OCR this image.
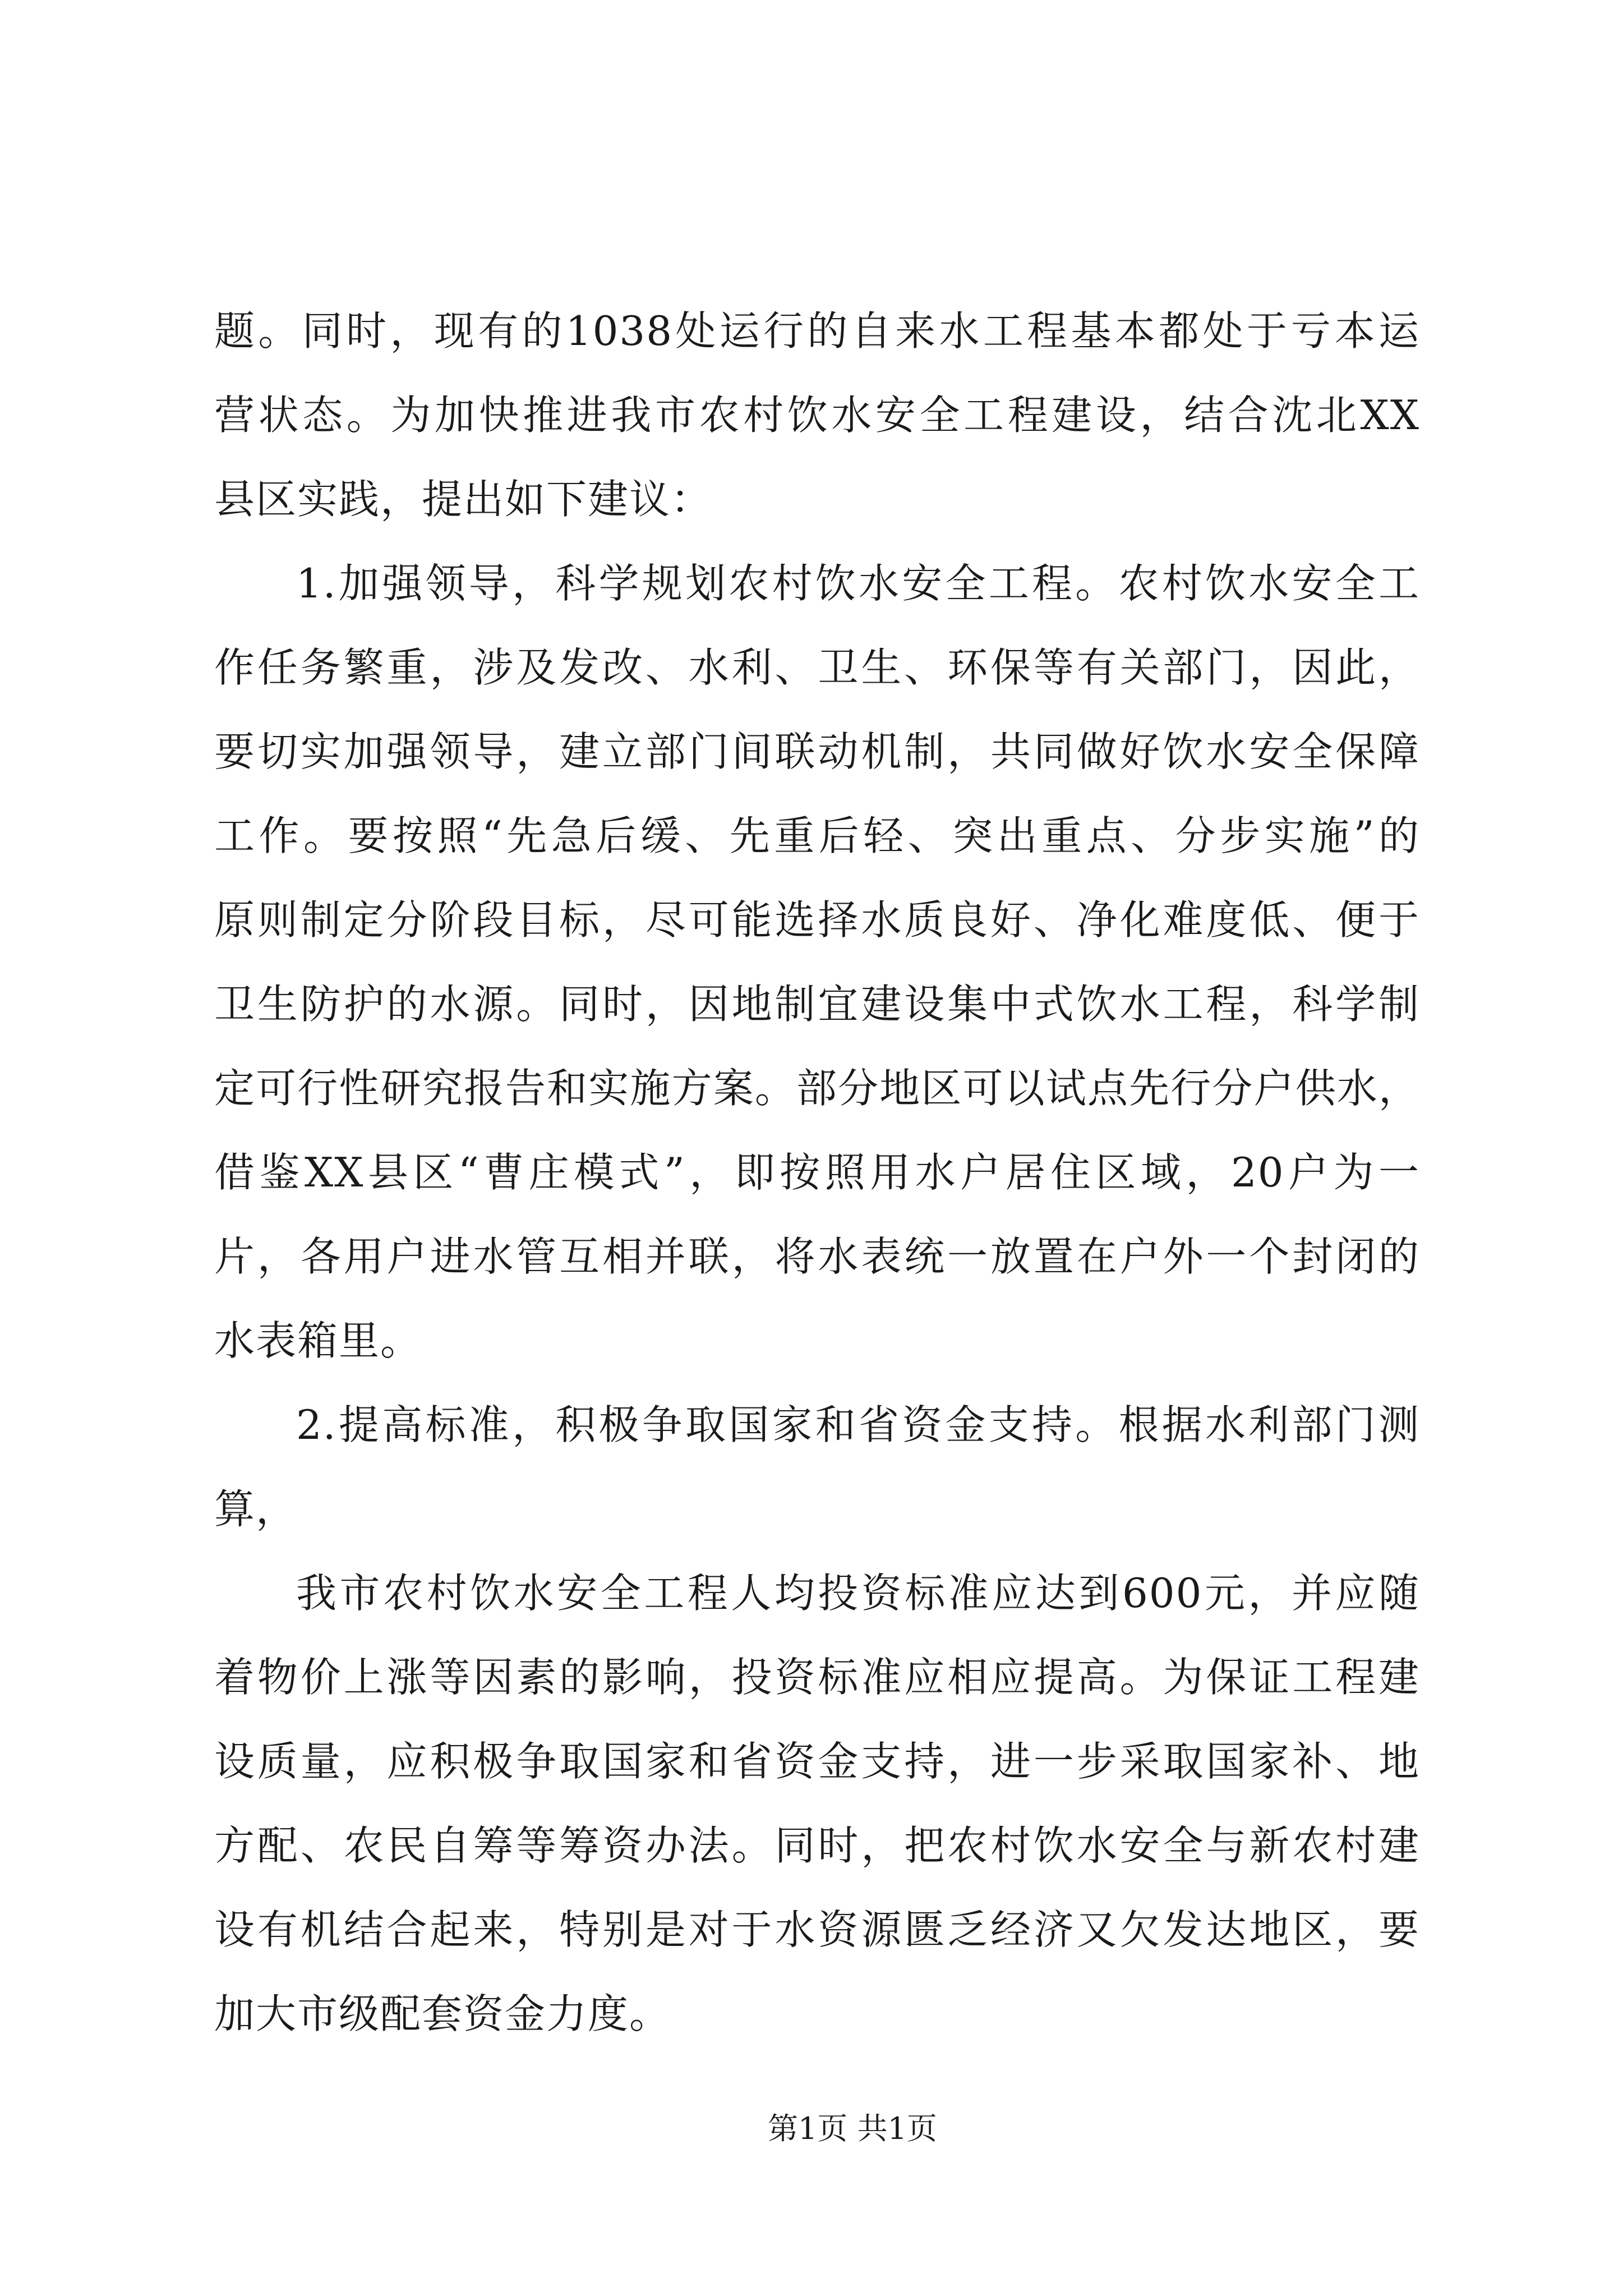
题。同时，现有的1038处运行的自来水工程基本都处于亏本运
营状态。为加快推进我市农村饮水安全工程建设，结合沈北XX
县区实践，提出如下建议：
1.加强领导，科学规划农村饮水安全工程。农村饮水安全工
作任务繁重，涉及发改、水利、卫生、环保等有关部门，因此，
要切实加强领导，建立部门间联动机制，共同做好饮水安全保障
工作。要按照“先急后缓、先重后轻、突出重点、分步实施”的
原则制定分阶段目标，尽可能选择水质良好、净化难度低、便于
卫生防护的水源。同时，因地制宜建设集中式饮水工程，科学制
定可行性研究报告和实施方案。部分地区可以试点先行分户供水，
借鉴XX县区“曹庄模式”，即按照用水户居住区域，20户为一
片，各用户进水管互相并联，将水表统一放置在户外一个封闭的
水表箱里。
2.提高标准，积极争取国家和省资金支持。根据水利部门测
算，
我市农村饮水安全工程人均投资标准应达到600元，并应随
着物价上涨等因素的影响，投资标准应相应提高。为保证工程建
设质量，应积极争取国家和省资金支持，进一步采取国家补、地
方配、农民自筹等筹资办法。同时，把农村饮水安全与新农村建
设有机结合起来，特别是对于水资源匮乏经济又欠发达地区，要
加大市级配套资金力度。
第1页 共1页
